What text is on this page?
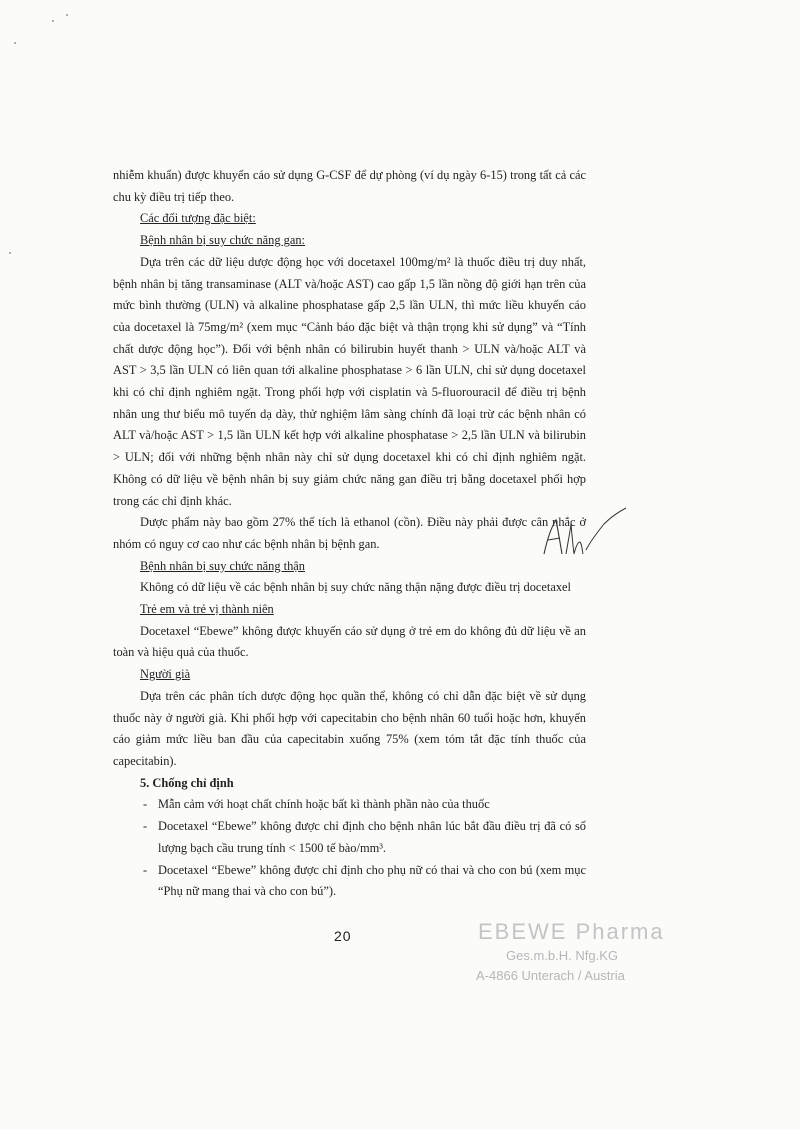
nhiễm khuẩn) được khuyến cáo sử dụng G-CSF để dự phòng (ví dụ ngày 6-15) trong tất cả các chu kỳ điều trị tiếp theo.

Các đối tượng đặc biệt:

Bệnh nhân bị suy chức năng gan:

Dựa trên các dữ liệu dược động học với docetaxel 100mg/m² là thuốc điều trị duy nhất, bệnh nhân bị tăng transaminase (ALT và/hoặc AST) cao gấp 1,5 lần nồng độ giới hạn trên của mức bình thường (ULN) và alkaline phosphatase gấp 2,5 lần ULN, thì mức liều khuyến cáo của docetaxel là 75mg/m² (xem mục “Cảnh báo đặc biệt và thận trọng khi sử dụng” và “Tính chất dược động học”). Đối với bệnh nhân có bilirubin huyết thanh > ULN và/hoặc ALT và AST > 3,5 lần ULN có liên quan tới alkaline phosphatase > 6 lần ULN, chỉ sử dụng docetaxel khi có chỉ định nghiêm ngặt. Trong phối hợp với cisplatin và 5-fluorouracil để điều trị bệnh nhân ung thư biểu mô tuyến dạ dày, thử nghiệm lâm sàng chính đã loại trừ các bệnh nhân có ALT và/hoặc AST > 1,5 lần ULN kết hợp với alkaline phosphatase > 2,5 lần ULN và bilirubin > ULN; đối với những bệnh nhân này chỉ sử dụng docetaxel khi có chỉ định nghiêm ngặt. Không có dữ liệu về bệnh nhân bị suy giảm chức năng gan điều trị bằng docetaxel phối hợp trong các chỉ định khác.

Dược phẩm này bao gồm 27% thể tích là ethanol (cồn). Điều này phải được cân nhắc ở nhóm có nguy cơ cao như các bệnh nhân bị bệnh gan.

Bệnh nhân bị suy chức năng thận

Không có dữ liệu về các bệnh nhân bị suy chức năng thận nặng được điều trị docetaxel

Trẻ em và trẻ vị thành niên

Docetaxel “Ebewe” không được khuyến cáo sử dụng ở trẻ em do không đủ dữ liệu về an toàn và hiệu quả của thuốc.

Người già

Dựa trên các phân tích dược động học quần thể, không có chỉ dẫn đặc biệt về sử dụng thuốc này ở người già. Khi phối hợp với capecitabin cho bệnh nhân 60 tuổi hoặc hơn, khuyến cáo giảm mức liều ban đầu của capecitabin xuống 75% (xem tóm tắt đặc tính thuốc của capecitabin).

5. Chống chỉ định

- Mẫn cảm với hoạt chất chính hoặc bất kì thành phần nào của thuốc

- Docetaxel “Ebewe” không được chỉ định cho bệnh nhân lúc bắt đầu điều trị đã có số lượng bạch cầu trung tính < 1500 tế bào/mm³.

- Docetaxel “Ebewe” không được chỉ định cho phụ nữ có thai và cho con bú (xem mục “Phụ nữ mang thai và cho con bú”).

20	EBEWE Pharma
Ges.m.b.H. Nfg.KG
A-4866 Unterach / Austria
